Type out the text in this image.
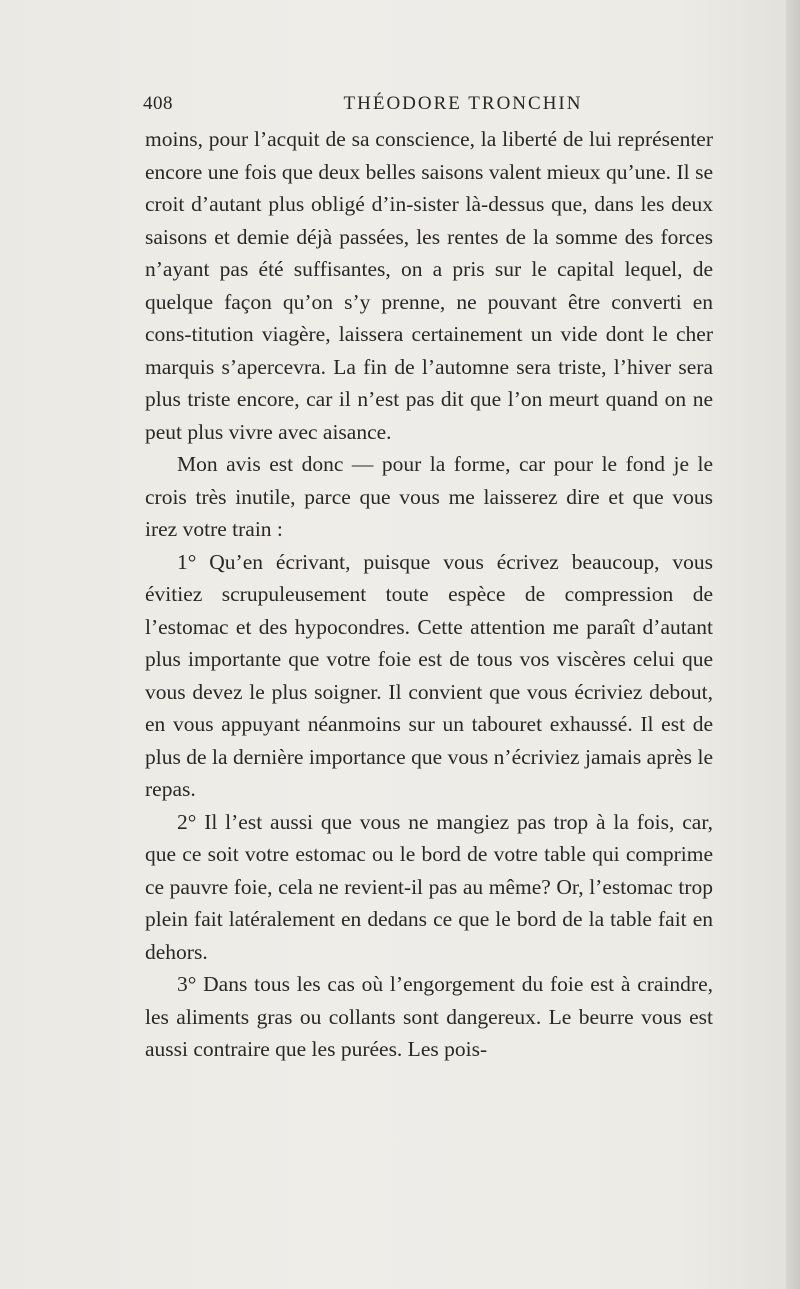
408	THÉODORE TRONCHIN

moins, pour l’acquit de sa conscience, la liberté de lui représenter encore une fois que deux belles saisons valent mieux qu’une. Il se croit d’autant plus obligé d’in-sister là-dessus que, dans les deux saisons et demie déjà passées, les rentes de la somme des forces n’ayant pas été suffisantes, on a pris sur le capital lequel, de quelque façon qu’on s’y prenne, ne pouvant être converti en cons-titution viagère, laissera certainement un vide dont le cher marquis s’apercevra. La fin de l’automne sera triste, l’hiver sera plus triste encore, car il n’est pas dit que l’on meurt quand on ne peut plus vivre avec aisance.

Mon avis est donc — pour la forme, car pour le fond je le crois très inutile, parce que vous me laisserez dire et que vous irez votre train :

1° Qu’en écrivant, puisque vous écrivez beaucoup, vous évitiez scrupuleusement toute espèce de compression de l’estomac et des hypocondres. Cette attention me paraît d’autant plus importante que votre foie est de tous vos viscères celui que vous devez le plus soigner. Il convient que vous écriviez debout, en vous appuyant néanmoins sur un tabouret exhaussé. Il est de plus de la dernière importance que vous n’écriviez jamais après le repas.

2° Il l’est aussi que vous ne mangiez pas trop à la fois, car, que ce soit votre estomac ou le bord de votre table qui comprime ce pauvre foie, cela ne revient-il pas au même? Or, l’estomac trop plein fait latéralement en dedans ce que le bord de la table fait en dehors.

3° Dans tous les cas où l’engorgement du foie est à craindre, les aliments gras ou collants sont dangereux. Le beurre vous est aussi contraire que les purées. Les pois-
